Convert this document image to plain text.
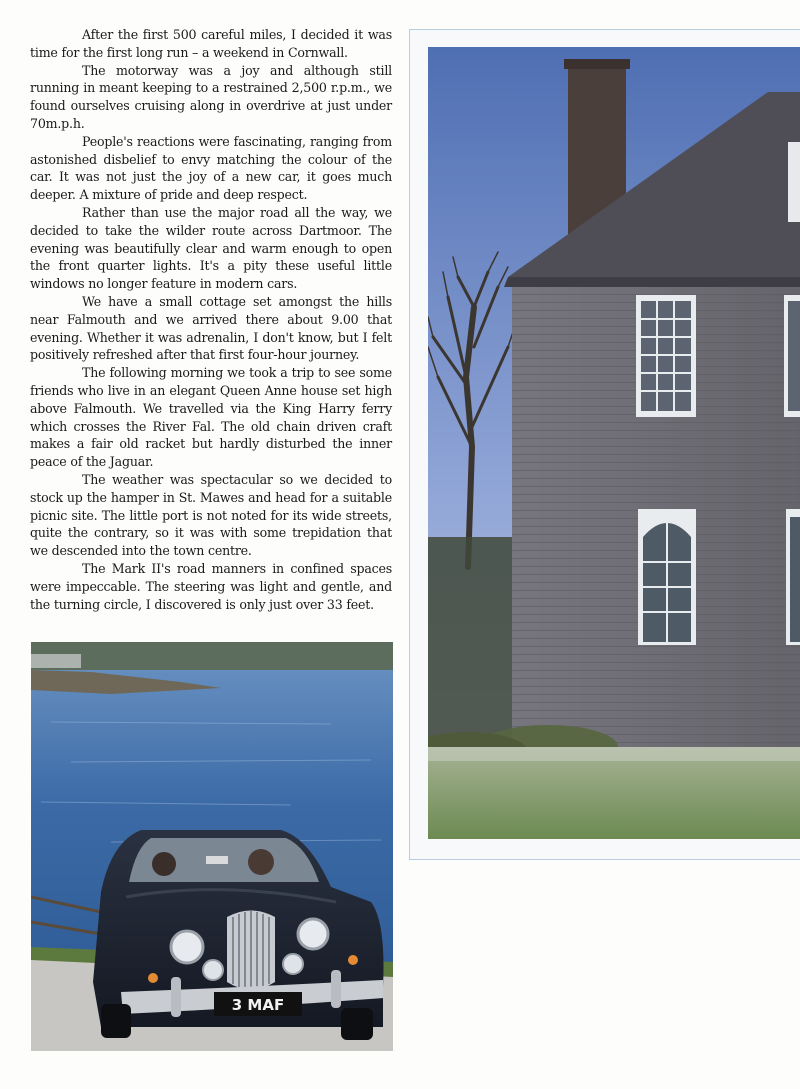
After the first 500 careful miles, I decided it was time for the first long run – a weekend in Cornwall.

The motorway was a joy and although still running in meant keeping to a restrained 2,500 r.p.m., we found ourselves cruising along in overdrive at just under 70m.p.h.

People's reactions were fascinating, ranging from astonished disbelief to envy matching the colour of the car. It was not just the joy of a new car, it goes much deeper. A mixture of pride and deep respect.

Rather than use the major road all the way, we decided to take the wilder route across Dartmoor. The evening was beautifully clear and warm enough to open the front quarter lights. It's a pity these useful little windows no longer feature in modern cars.

We have a small cottage set amongst the hills near Falmouth and we arrived there about 9.00 that evening. Whether it was adrenalin, I don't know, but I felt positively refreshed after that first four-hour journey.

The following morning we took a trip to see some friends who live in an elegant Queen Anne house set high above Falmouth. We travelled via the King Harry ferry which crosses the River Fal. The old chain driven craft makes a fair old racket but hardly disturbed the inner peace of the Jaguar.

The weather was spectacular so we decided to stock up the hamper in St. Mawes and head for a suitable picnic site. The little port is not noted for its wide streets, quite the contrary, so it was with some trepidation that we descended into the town centre.

The Mark II's road manners in confined spaces were impeccable. The steering was light and gentle, and the turning circle, I discovered is only just over 33 feet.

3 MAF
